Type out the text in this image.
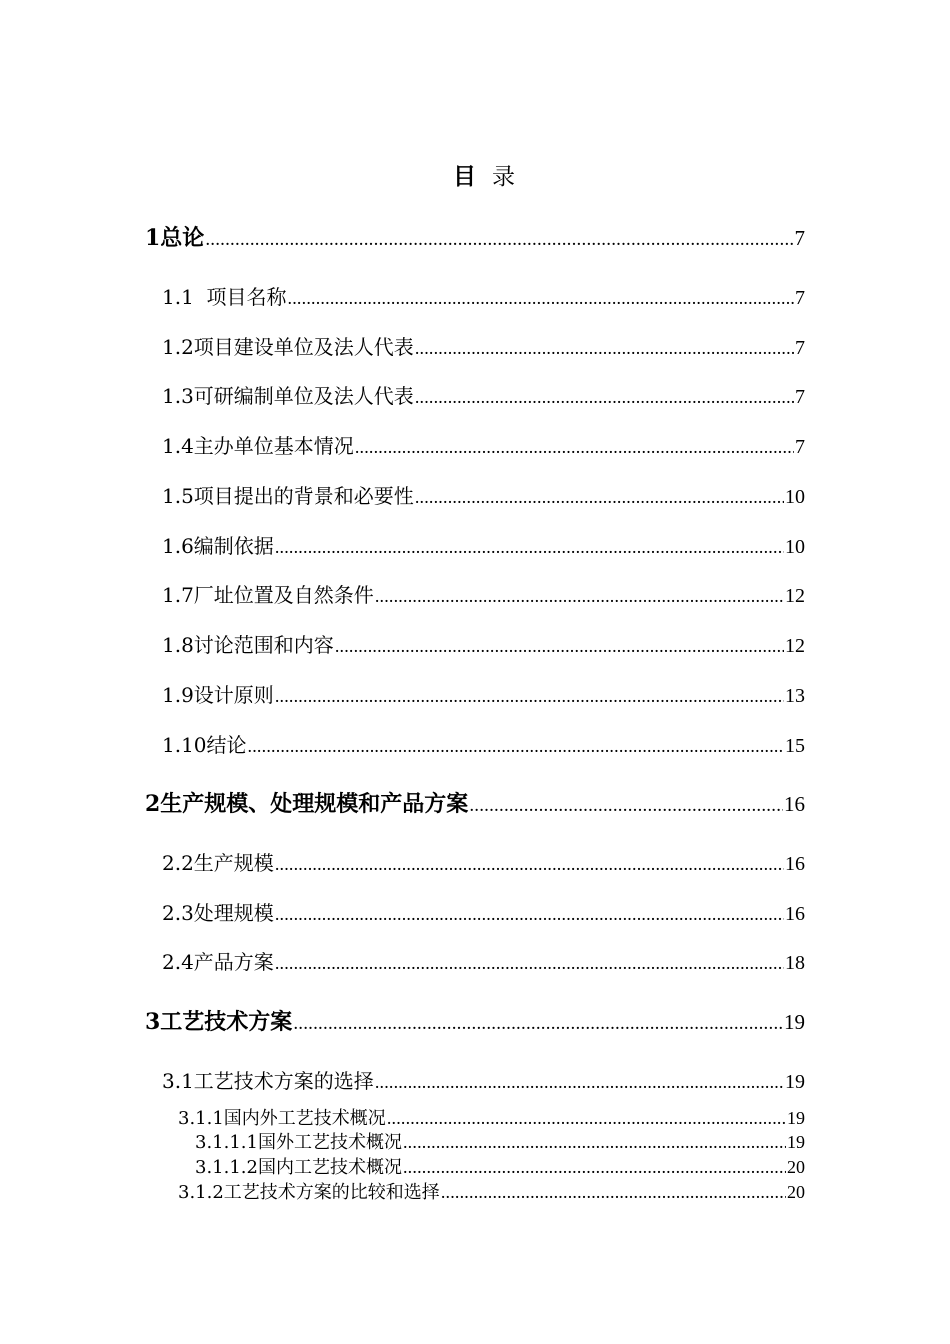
目 录
1总论 .....	7
1.1  项目名称 .....	7
1.2项目建设单位及法人代表 .....	7
1.3可研编制单位及法人代表 .....	7
1.4主办单位基本情况 .....	7
1.5项目提出的背景和必要性 .....	10
1.6编制依据 .....	10
1.7厂址位置及自然条件 .....	12
1.8讨论范围和内容 .....	12
1.9设计原则 .....	13
1.10结论 .....	15
2生产规模、处理规模和产品方案 .....	16
2.2生产规模 .....	16
2.3处理规模 .....	16
2.4产品方案 .....	18
3工艺技术方案 .....	19
3.1工艺技术方案的选择 .....	19
3.1.1国内外工艺技术概况 .....	19
3.1.1.1国外工艺技术概况 .....	19
3.1.1.2国内工艺技术概况 .....	20
3.1.2工艺技术方案的比较和选择 .....	20
